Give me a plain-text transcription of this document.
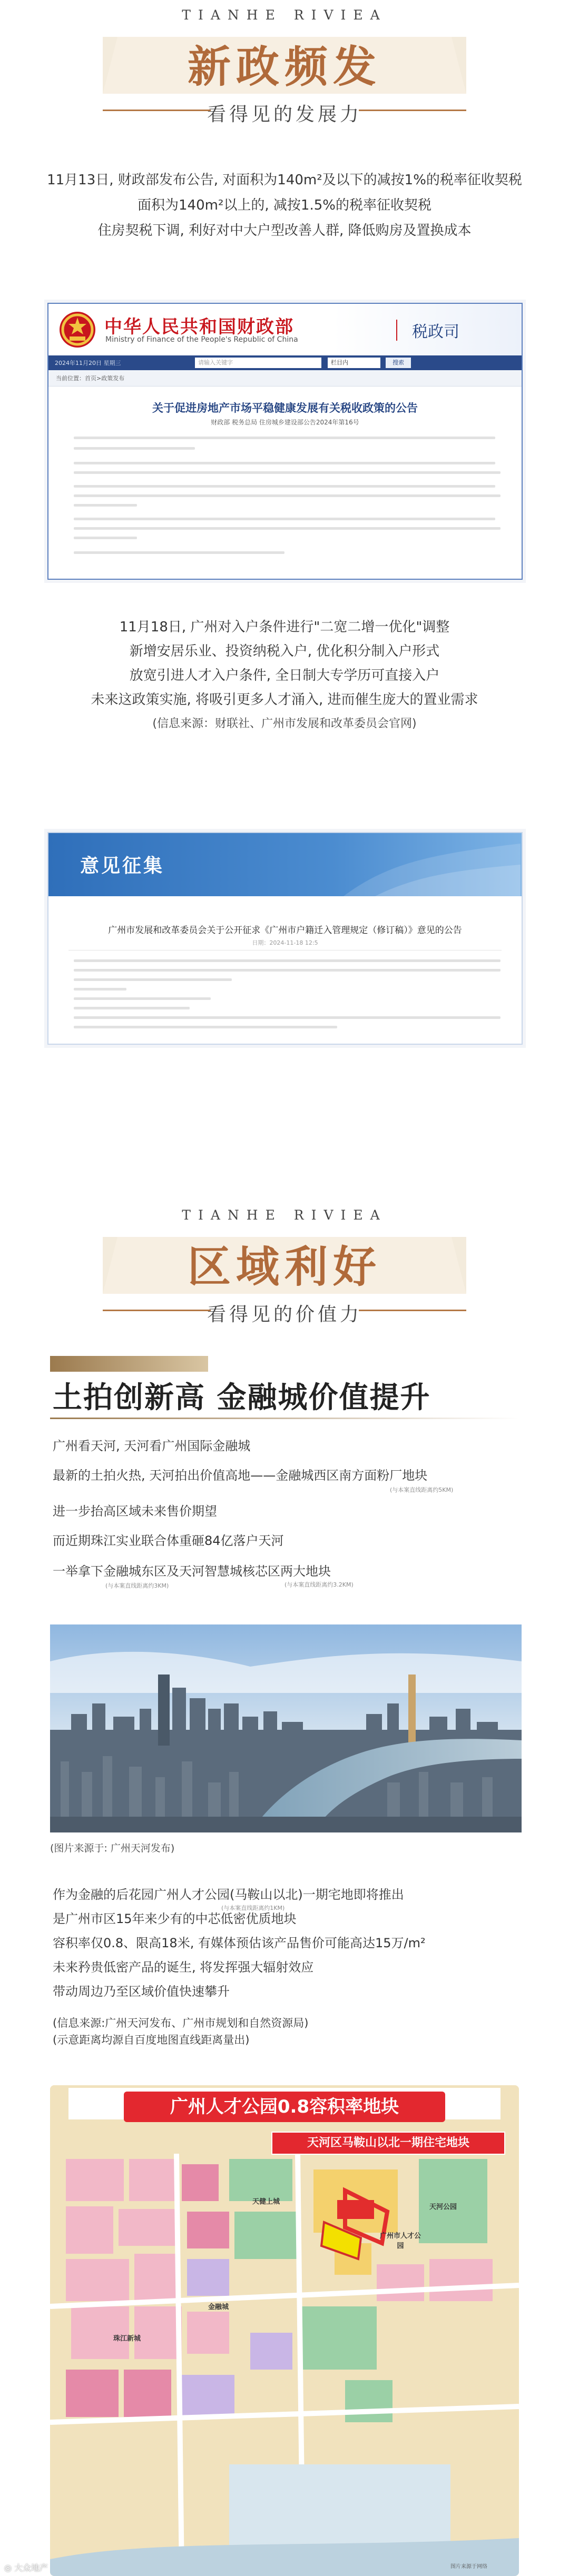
TIANHE RIVIEA
新政频发
看得见的发展力
11月13日, 财政部发布公告, 对面积为140m²及以下的减按1%的税率征收契税
面积为140m²以上的, 减按1.5%的税率征收契税
住房契税下调, 利好对中大户型改善人群, 降低购房及置换成本
中华人民共和国财政部
Ministry of Finance of the People's Republic of China	税政司
2024年11月20日 星期三	请输入关键字	栏目内	搜索
当前位置：首页>政策发布
关于促进房地产市场平稳健康发展有关税收政策的公告
财政部 税务总局 住房城乡建设部公告2024年第16号
11月18日, 广州对入户条件进行"二宽二增一优化"调整
新增安居乐业、投资纳税入户, 优化积分制入户形式
放宽引进人才入户条件, 全日制大专学历可直接入户
未来这政策实施, 将吸引更多人才涌入, 进而催生庞大的置业需求
(信息来源：财联社、广州市发展和改革委员会官网)
意见征集
广州市发展和改革委员会关于公开征求《广州市户籍迁入管理规定（修订稿）》意见的公告
日期：2024-11-18 12:5
TIANHE RIVIEA
区域利好
看得见的价值力
土拍创新高 金融城价值提升
广州看天河, 天河看广州国际金融城
最新的土拍火热, 天河拍出价值高地——金融城西区南方面粉厂地块
(与本案直线距离约5KM)
进一步抬高区域未来售价期望
而近期珠江实业联合体重砸84亿落户天河
一举拿下金融城东区及天河智慧城核芯区两大地块
(与本案直线距离约3KM)	(与本案直线距离约3.2KM)
(图片来源于: 广州天河发布)
作为金融的后花园广州人才公园(马鞍山以北)一期宅地即将推出
(与本案直线距离约1KM)
是广州市区15年来少有的中芯低密优质地块
容积率仅0.8、限高18米, 有媒体预估该产品售价可能高达15万/m²
未来矜贵低密产品的诞生, 将发挥强大辐射效应
带动周边乃至区域价值快速攀升
(信息来源:广州天河发布、广州市规划和自然资源局)
(示意距离均源自百度地图直线距离量出)
广州人才公园0.8容积率地块
天河区马鞍山以北一期住宅地块
天健上城
广州市人才公园
金融城
珠江新城
天河公园
图片来源于网络
◎ 大众地产
